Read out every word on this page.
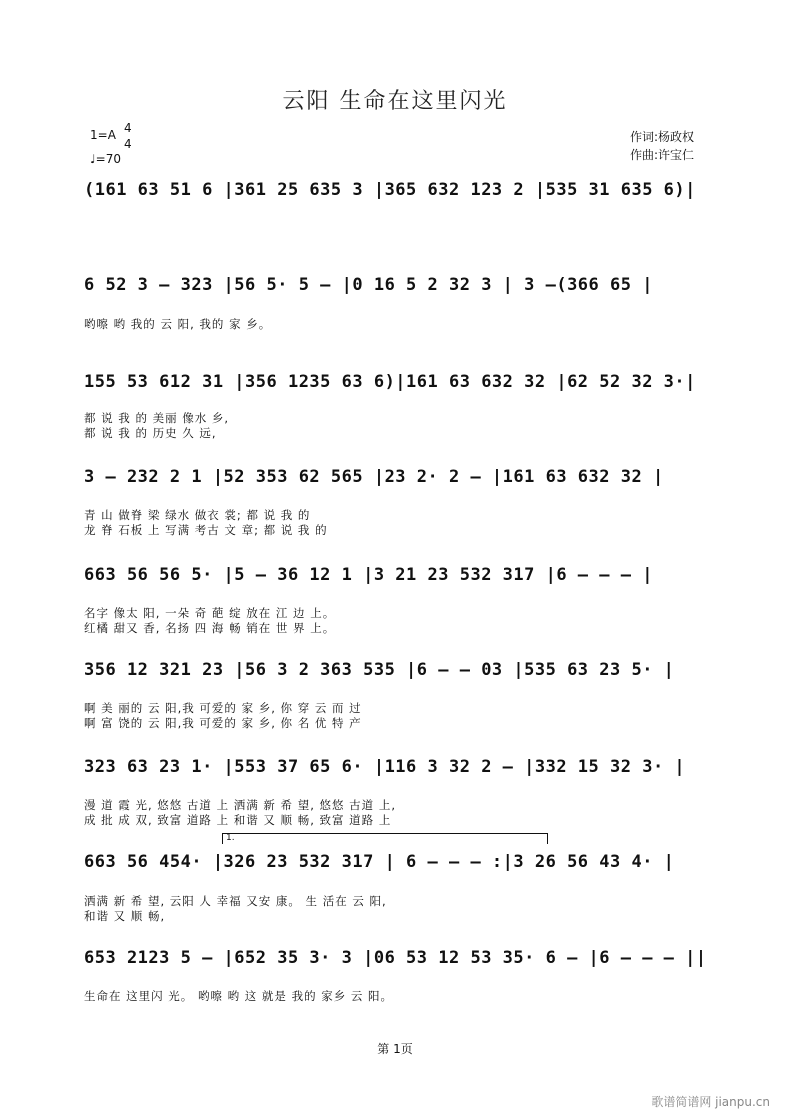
云阳 生命在这里闪光
1=A 4
4
♩=70
作词:杨政权
作曲:许宝仁
(161 63 51 6 |361 25 635 3 |365 632 123 2 |535 31 635 6)|
6 52 3 — 323 |56 5· 5 — |0 16 5 2 32 3 | 3 —(366 65 |
哟嚓 哟 我的 云 阳, 我的 家 乡。
155 53 612 31 |356 1235 63 6)|161 63 632 32 |62 52 32 3·|
都 说 我 的 美丽 像水 乡,
都 说 我 的 历史 久 远,
3 — 232 2 1 |52 353 62 565 |23 2· 2 — |161 63 632 32 |
青 山 做脊 梁 绿水 做衣 裳; 都 说 我 的
龙 脊 石板 上 写满 考古 文 章; 都 说 我 的
663 56 56 5· |5 — 36 12 1 |3 21 23 532 317 |6 — — — |
名字 像太 阳, 一朵 奇 葩 绽 放在 江 边 上。
红橘 甜又 香, 名扬 四 海 畅 销在 世 界 上。
356 12 321 23 |56 3 2 363 535 |6 — — 03 |535 63 23 5· |
啊 美 丽的 云 阳,我 可爱的 家 乡, 你 穿 云 而 过
啊 富 饶的 云 阳,我 可爱的 家 乡, 你 名 优 特 产
323 63 23 1· |553 37 65 6· |116 3 32 2 — |332 15 32 3· |
漫 道 霞 光, 悠悠 古道 上 洒满 新 希 望, 悠悠 古道 上,
成 批 成 双, 致富 道路 上 和谐 又 顺 畅, 致富 道路 上
1.
663 56 454· |326 23 532 317 | 6 — — — :|3 26 56 43 4· |
洒满 新 希 望, 云阳 人 幸福 又安 康。 生 活在 云 阳,
和谐 又 顺 畅,
653 2123 5 — |652 35 3· 3 |06 53 12 53 35· 6 — |6 — — — ||
生命在 这里闪 光。 哟嚓 哟 这 就是 我的 家乡 云 阳。
第 1页
歌谱简谱网 jianpu.cn
